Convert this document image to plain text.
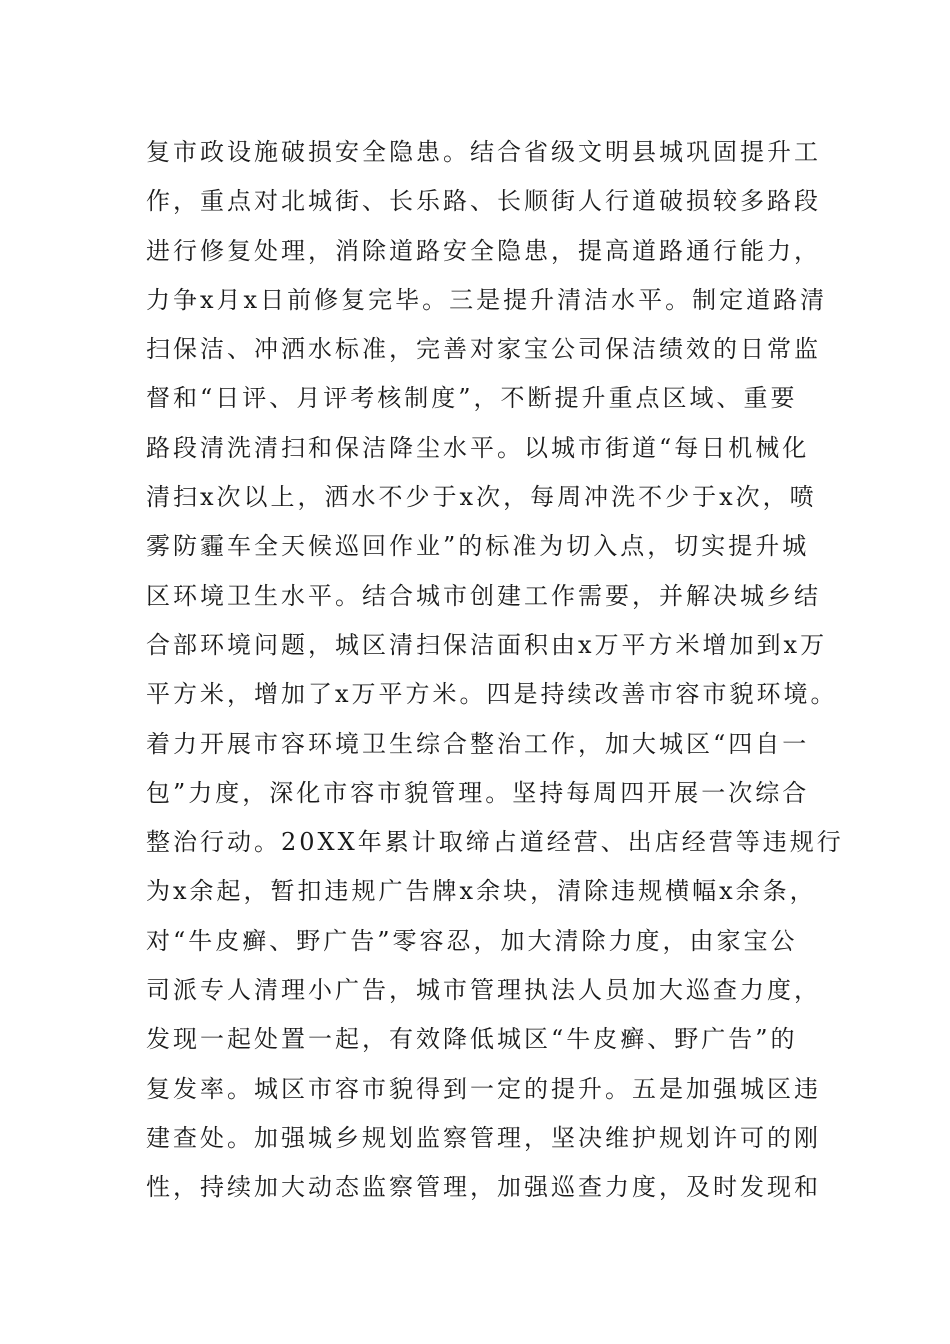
复市政设施破损安全隐患。结合省级文明县城巩固提升工
作，重点对北城街、长乐路、长顺街人行道破损较多路段
进行修复处理，消除道路安全隐患，提高道路通行能力，
力争x月x日前修复完毕。三是提升清洁水平。制定道路清
扫保洁、冲洒水标准，完善对家宝公司保洁绩效的日常监
督和“日评、月评考核制度”，不断提升重点区域、重要
路段清洗清扫和保洁降尘水平。以城市街道“每日机械化
清扫x次以上，洒水不少于x次，每周冲洗不少于x次，喷
雾防霾车全天候巡回作业”的标准为切入点，切实提升城
区环境卫生水平。结合城市创建工作需要，并解决城乡结
合部环境问题，城区清扫保洁面积由x万平方米增加到x万
平方米，增加了x万平方米。四是持续改善市容市貌环境。
着力开展市容环境卫生综合整治工作，加大城区“四自一
包”力度，深化市容市貌管理。坚持每周四开展一次综合
整治行动。20XX年累计取缔占道经营、出店经营等违规行
为x余起，暂扣违规广告牌x余块，清除违规横幅x余条，
对“牛皮癣、野广告”零容忍，加大清除力度，由家宝公
司派专人清理小广告，城市管理执法人员加大巡查力度，
发现一起处置一起，有效降低城区“牛皮癣、野广告”的
复发率。城区市容市貌得到一定的提升。五是加强城区违
建查处。加强城乡规划监察管理，坚决维护规划许可的刚
性，持续加大动态监察管理，加强巡查力度，及时发现和
